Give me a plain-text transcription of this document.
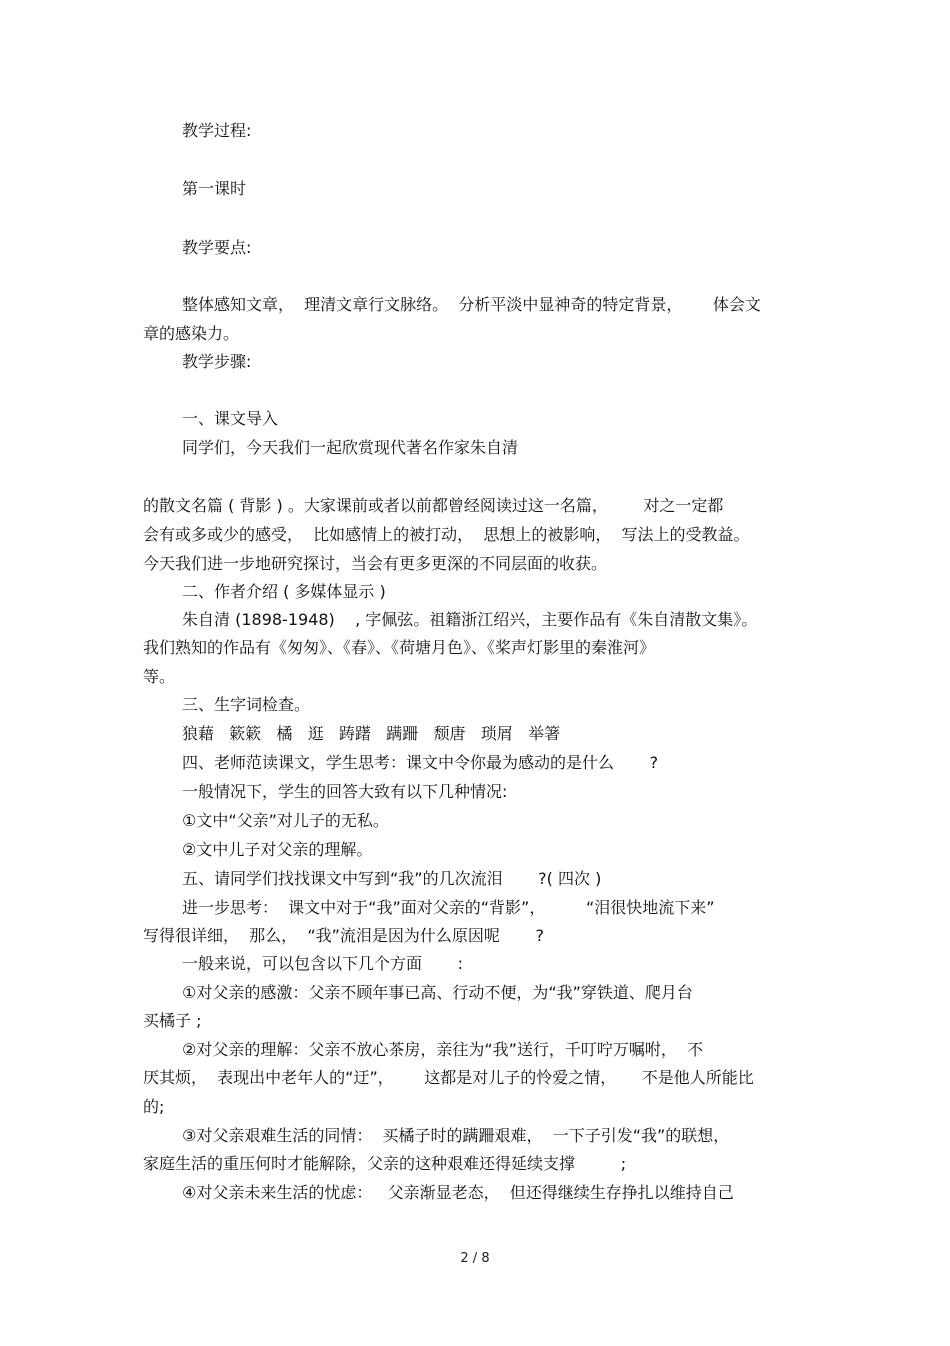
教学过程:

第一课时

教学要点:

整体感知文章，  理清文章行文脉络。  分析平淡中显神奇的特定背景，      体会文

章的感染力。

教学步骤:

一、课文导入

同学们，今天我们一起欣赏现代著名作家朱自清

的散文名篇 ( 背影 ) 。大家课前或者以前都曾经阅读过这一名篇，       对之一定都

会有或多或少的感受，  比如感情上的被打动，  思想上的被影响，  写法上的受教益。

今天我们进一步地研究探讨，当会有更多更深的不同层面的收获。

二、作者介绍 ( 多媒体显示 )

朱自清 (1898-1948)    , 字佩弦。祖籍浙江绍兴，主要作品有《朱自清散文集》。

我们熟知的作品有《匆匆》、《春》、《荷塘月色》、《桨声灯影里的秦淮河》

等。

三、生字词检查。

狼藉   簌簌   橘   逛   踌躇   蹒跚   颓唐   琐屑   举箸

四、老师范读课文，学生思考：课文中令你最为感动的是什么       ?

一般情况下，学生的回答大致有以下几种情况:

①文中“父亲”对儿子的无私。

②文中儿子对父亲的理解。

五、请同学们找找课文中写到“我”的几次流泪       ?( 四次 )

进一步思考：  课文中对于“我”面对父亲的“背影”，        “泪很快地流下来”

写得很详细，  那么，  “我”流泪是因为什么原因呢       ?

一般来说，可以包含以下几个方面       :

①对父亲的感激：父亲不顾年事已高、行动不便，为“我”穿铁道、爬月台

买橘子 ;

②对父亲的理解：父亲不放心茶房，亲往为“我”送行，千叮咛万嘱咐，  不

厌其烦，  表现出中老年人的“迂”，      这都是对儿子的怜爱之情，     不是他人所能比

的;

③对父亲艰难生活的同情：  买橘子时的蹒跚艰难，  一下子引发“我”的联想，

家庭生活的重压何时才能解除，父亲的这种艰难还得延续支撑         ;

④对父亲未来生活的忧虑：   父亲渐显老态，  但还得继续生存挣扎以维持自己

2 / 8
